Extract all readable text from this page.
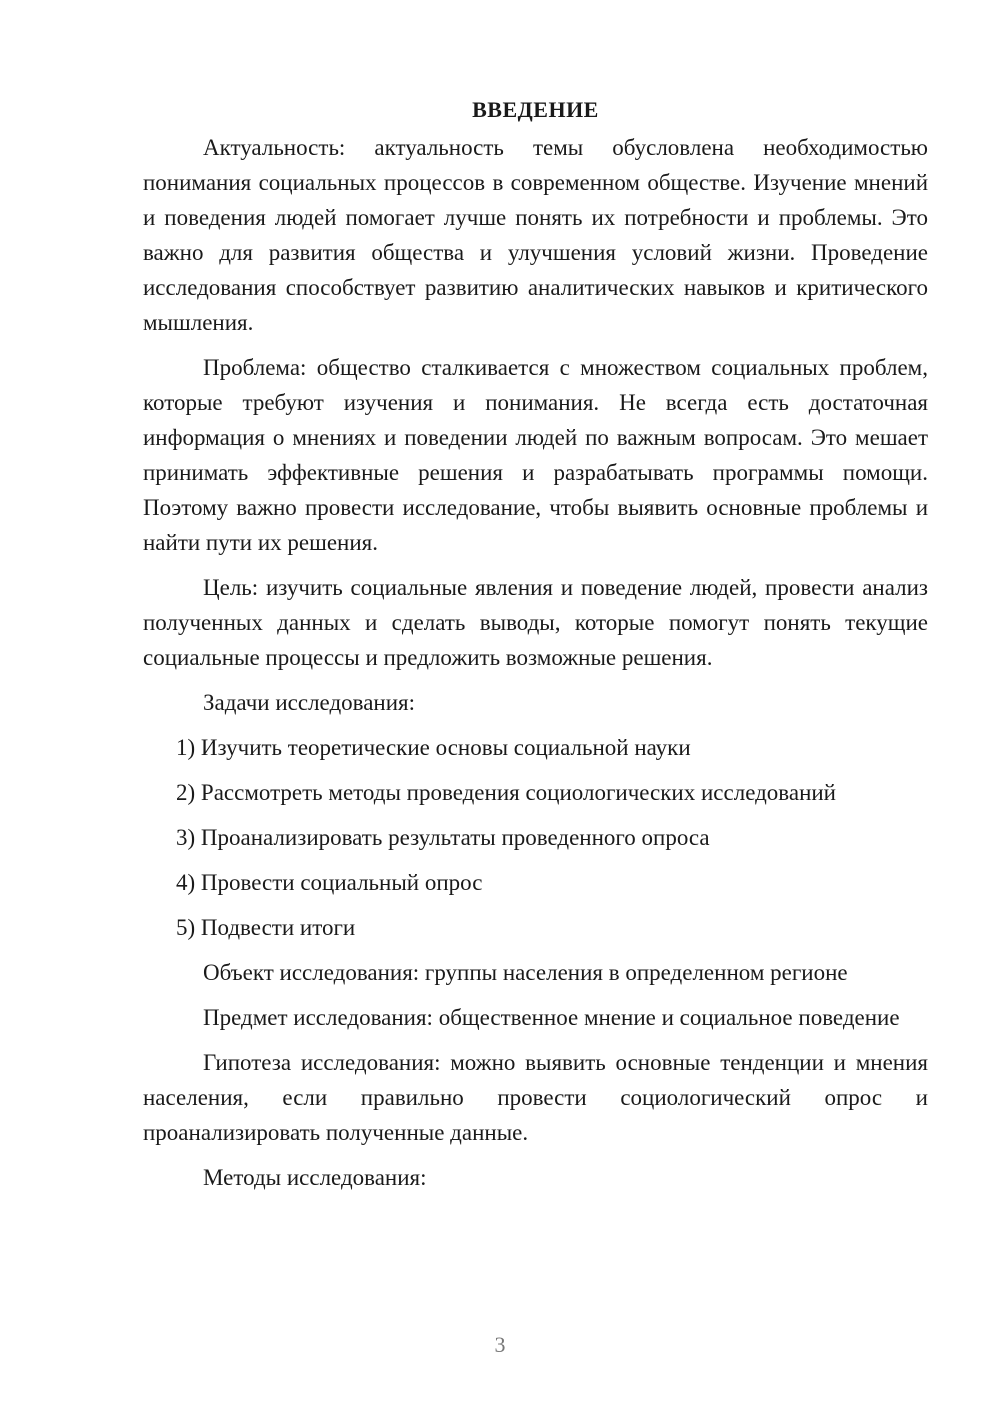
ВВЕДЕНИЕ

Актуальность: актуальность темы обусловлена необходимостью понимания социальных процессов в современном обществе. Изучение мнений и поведения людей помогает лучше понять их потребности и проблемы. Это важно для развития общества и улучшения условий жизни. Проведение исследования способствует развитию аналитических навыков и критического мышления.

Проблема: общество сталкивается с множеством социальных проблем, которые требуют изучения и понимания. Не всегда есть достаточная информация о мнениях и поведении людей по важным вопросам. Это мешает принимать эффективные решения и разрабатывать программы помощи. Поэтому важно провести исследование, чтобы выявить основные проблемы и найти пути их решения.

Цель: изучить социальные явления и поведение людей, провести анализ полученных данных и сделать выводы, которые помогут понять текущие социальные процессы и предложить возможные решения.

Задачи исследования:

1) Изучить теоретические основы социальной науки
2) Рассмотреть методы проведения социологических исследований
3) Проанализировать результаты проведенного опроса
4) Провести социальный опрос
5) Подвести итоги

Объект исследования: группы населения в определенном регионе

Предмет исследования: общественное мнение и социальное поведение

Гипотеза исследования: можно выявить основные тенденции и мнения населения, если правильно провести социологический опрос и проанализировать полученные данные.

Методы исследования:

3
